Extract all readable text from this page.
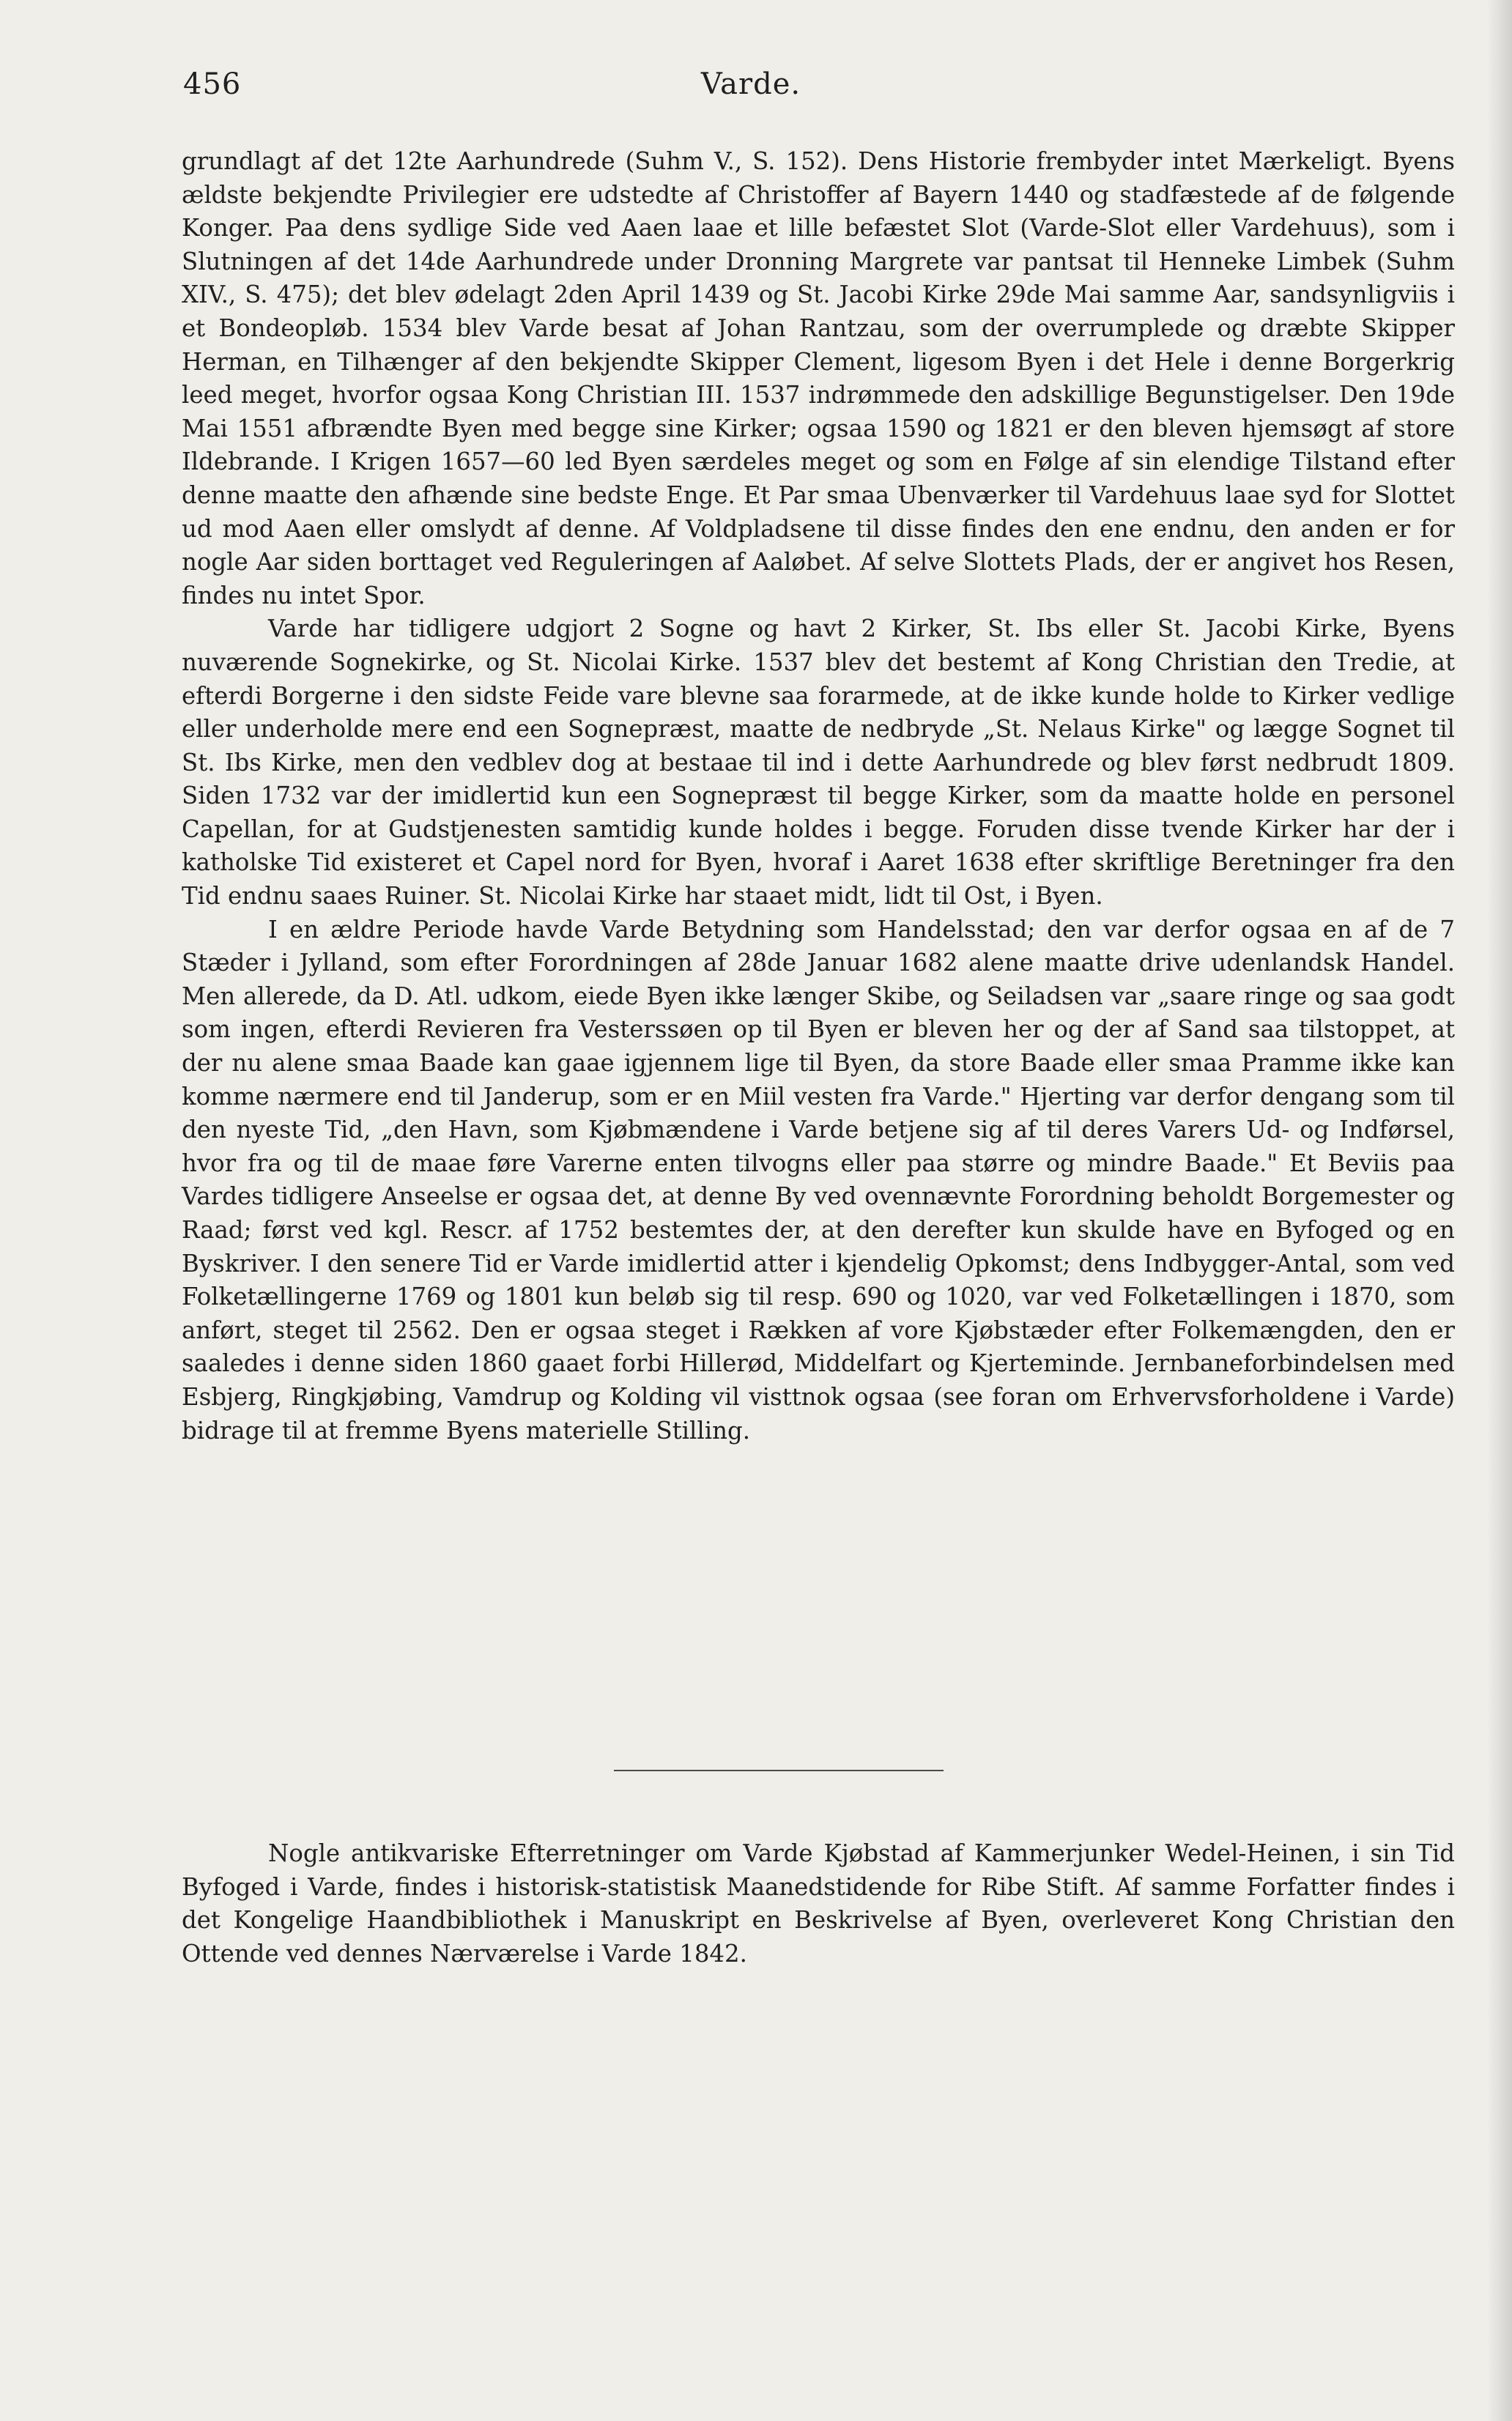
456	Varde.

grundlagt af det 12te Aarhundrede (Suhm V., S. 152). Dens Historie frembyder intet Mærkeligt. Byens ældste bekjendte Privilegier ere udstedte af Christoffer af Bayern 1440 og stadfæstede af de følgende Konger. Paa dens sydlige Side ved Aaen laae et lille befæstet Slot (Varde-Slot eller Vardehuus), som i Slutningen af det 14de Aarhundrede under Dronning Margrete var pantsat til Henneke Limbek (Suhm XIV., S. 475); det blev ødelagt 2den April 1439 og St. Jacobi Kirke 29de Mai samme Aar, sandsynligviis i et Bondeopløb. 1534 blev Varde besat af Johan Rantzau, som der overrumplede og dræbte Skipper Herman, en Tilhænger af den bekjendte Skipper Clement, ligesom Byen i det Hele i denne Borgerkrig leed meget, hvorfor ogsaa Kong Christian III. 1537 indrømmede den adskillige Begunstigelser. Den 19de Mai 1551 afbrændte Byen med begge sine Kirker; ogsaa 1590 og 1821 er den bleven hjemsøgt af store Ildebrande. I Krigen 1657—60 led Byen særdeles meget og som en Følge af sin elendige Tilstand efter denne maatte den afhænde sine bedste Enge. Et Par smaa Ubenværker til Vardehuus laae syd for Slottet ud mod Aaen eller omslydt af denne. Af Voldpladsene til disse findes den ene endnu, den anden er for nogle Aar siden borttaget ved Reguleringen af Aaløbet. Af selve Slottets Plads, der er angivet hos Resen, findes nu intet Spor.

Varde har tidligere udgjort 2 Sogne og havt 2 Kirker, St. Ibs eller St. Jacobi Kirke, Byens nuværende Sognekirke, og St. Nicolai Kirke. 1537 blev det bestemt af Kong Christian den Tredie, at efterdi Borgerne i den sidste Feide vare blevne saa forarmede, at de ikke kunde holde to Kirker vedlige eller underholde mere end een Sognepræst, maatte de nedbryde „St. Nelaus Kirke" og lægge Sognet til St. Ibs Kirke, men den vedblev dog at bestaae til ind i dette Aarhundrede og blev først nedbrudt 1809. Siden 1732 var der imidlertid kun een Sognepræst til begge Kirker, som da maatte holde en personel Capellan, for at Gudstjenesten samtidig kunde holdes i begge. Foruden disse tvende Kirker har der i katholske Tid existeret et Capel nord for Byen, hvoraf i Aaret 1638 efter skriftlige Beretninger fra den Tid endnu saaes Ruiner. St. Nicolai Kirke har staaet midt, lidt til Ost, i Byen.

I en ældre Periode havde Varde Betydning som Handelsstad; den var derfor ogsaa en af de 7 Stæder i Jylland, som efter Forordningen af 28de Januar 1682 alene maatte drive udenlandsk Handel. Men allerede, da D. Atl. udkom, eiede Byen ikke længer Skibe, og Seiladsen var „saare ringe og saa godt som ingen, efterdi Revieren fra Vesterssøen op til Byen er bleven her og der af Sand saa tilstoppet, at der nu alene smaa Baade kan gaae igjennem lige til Byen, da store Baade eller smaa Pramme ikke kan komme nærmere end til Janderup, som er en Miil vesten fra Varde." Hjerting var derfor dengang som til den nyeste Tid, „den Havn, som Kjøbmændene i Varde betjene sig af til deres Varers Ud- og Indførsel, hvor fra og til de maae føre Varerne enten tilvogns eller paa større og mindre Baade." Et Beviis paa Vardes tidligere Anseelse er ogsaa det, at denne By ved ovennævnte Forordning beholdt Borgemester og Raad; først ved kgl. Rescr. af 1752 bestemtes der, at den derefter kun skulde have en Byfoged og en Byskriver. I den senere Tid er Varde imidlertid atter i kjendelig Opkomst; dens Indbygger-Antal, som ved Folketællingerne 1769 og 1801 kun beløb sig til resp. 690 og 1020, var ved Folketællingen i 1870, som anført, steget til 2562. Den er ogsaa steget i Rækken af vore Kjøbstæder efter Folkemængden, den er saaledes i denne siden 1860 gaaet forbi Hillerød, Middelfart og Kjerteminde. Jernbaneforbindelsen med Esbjerg, Ringkjøbing, Vamdrup og Kolding vil visttnok ogsaa (see foran om Erhvervsforholdene i Varde) bidrage til at fremme Byens materielle Stilling.

Nogle antikvariske Efterretninger om Varde Kjøbstad af Kammerjunker Wedel-Heinen, i sin Tid Byfoged i Varde, findes i historisk-statistisk Maanedstidende for Ribe Stift. Af samme Forfatter findes i det Kongelige Haandbibliothek i Manuskript en Beskrivelse af Byen, overleveret Kong Christian den Ottende ved dennes Nærværelse i Varde 1842.
